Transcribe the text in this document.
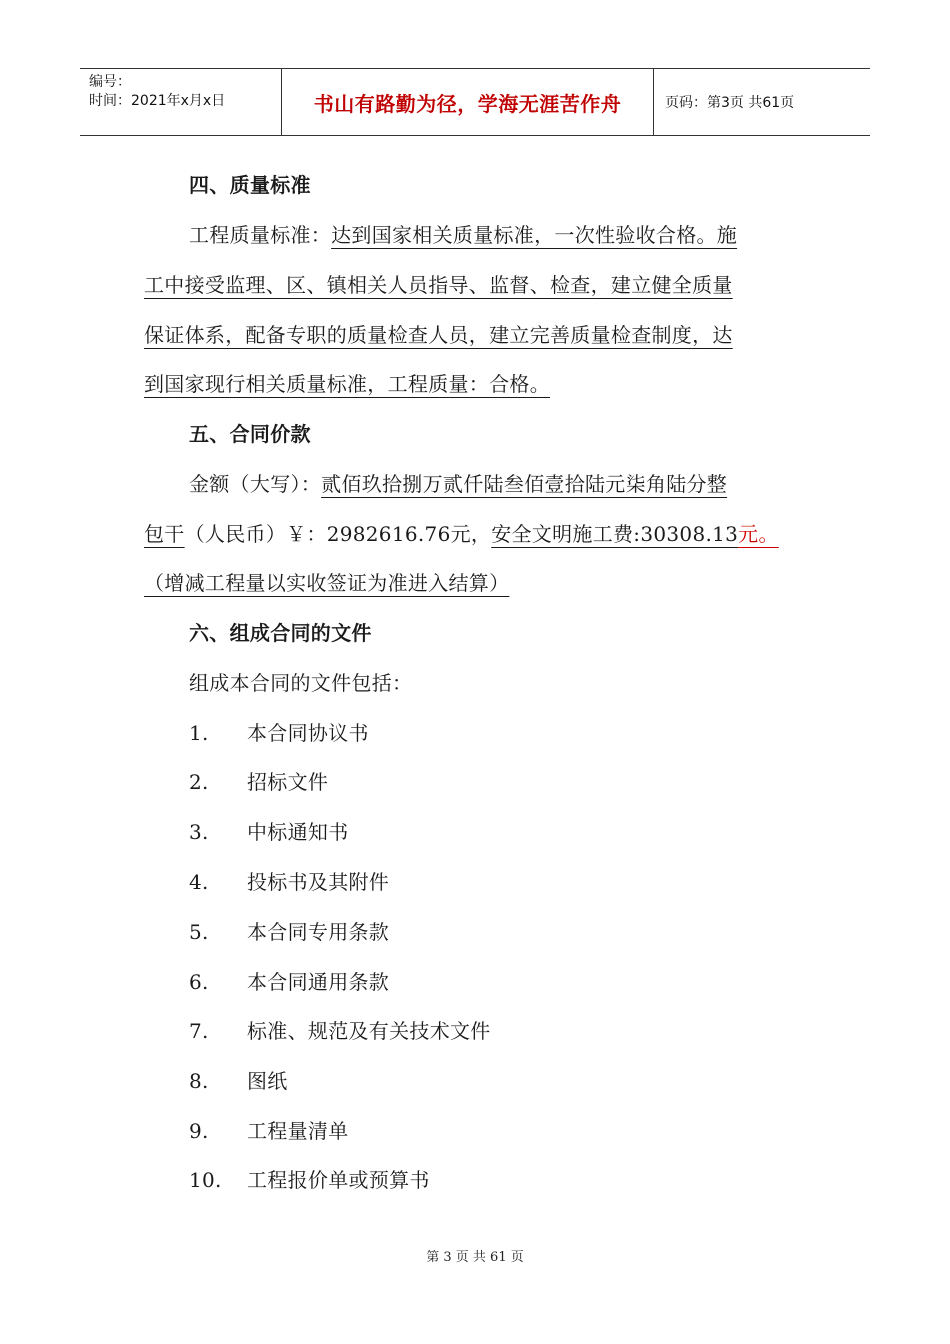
编号：
时间：2021年x月x日	书山有路勤为径，学海无涯苦作舟	页码：第3页 共61页
四、质量标准
工程质量标准：达到国家相关质量标准，一次性验收合格。施
工中接受监理、区、镇相关人员指导、监督、检查，建立健全质量
保证体系，配备专职的质量检查人员，建立完善质量检查制度，达
到国家现行相关质量标准，工程质量：合格。
五、合同价款
金额（大写）：贰佰玖拾捌万贰仟陆叁佰壹拾陆元柒角陆分整
包干（人民币）￥：2982616.76元，安全文明施工费:30308.13元。
（增减工程量以实收签证为准进入结算）
六、组成合同的文件
组成本合同的文件包括：
1. 本合同协议书
2. 招标文件
3. 中标通知书
4. 投标书及其附件
5. 本合同专用条款
6. 本合同通用条款
7. 标准、规范及有关技术文件
8. 图纸
9. 工程量清单
10. 工程报价单或预算书
第 3 页 共 61 页
